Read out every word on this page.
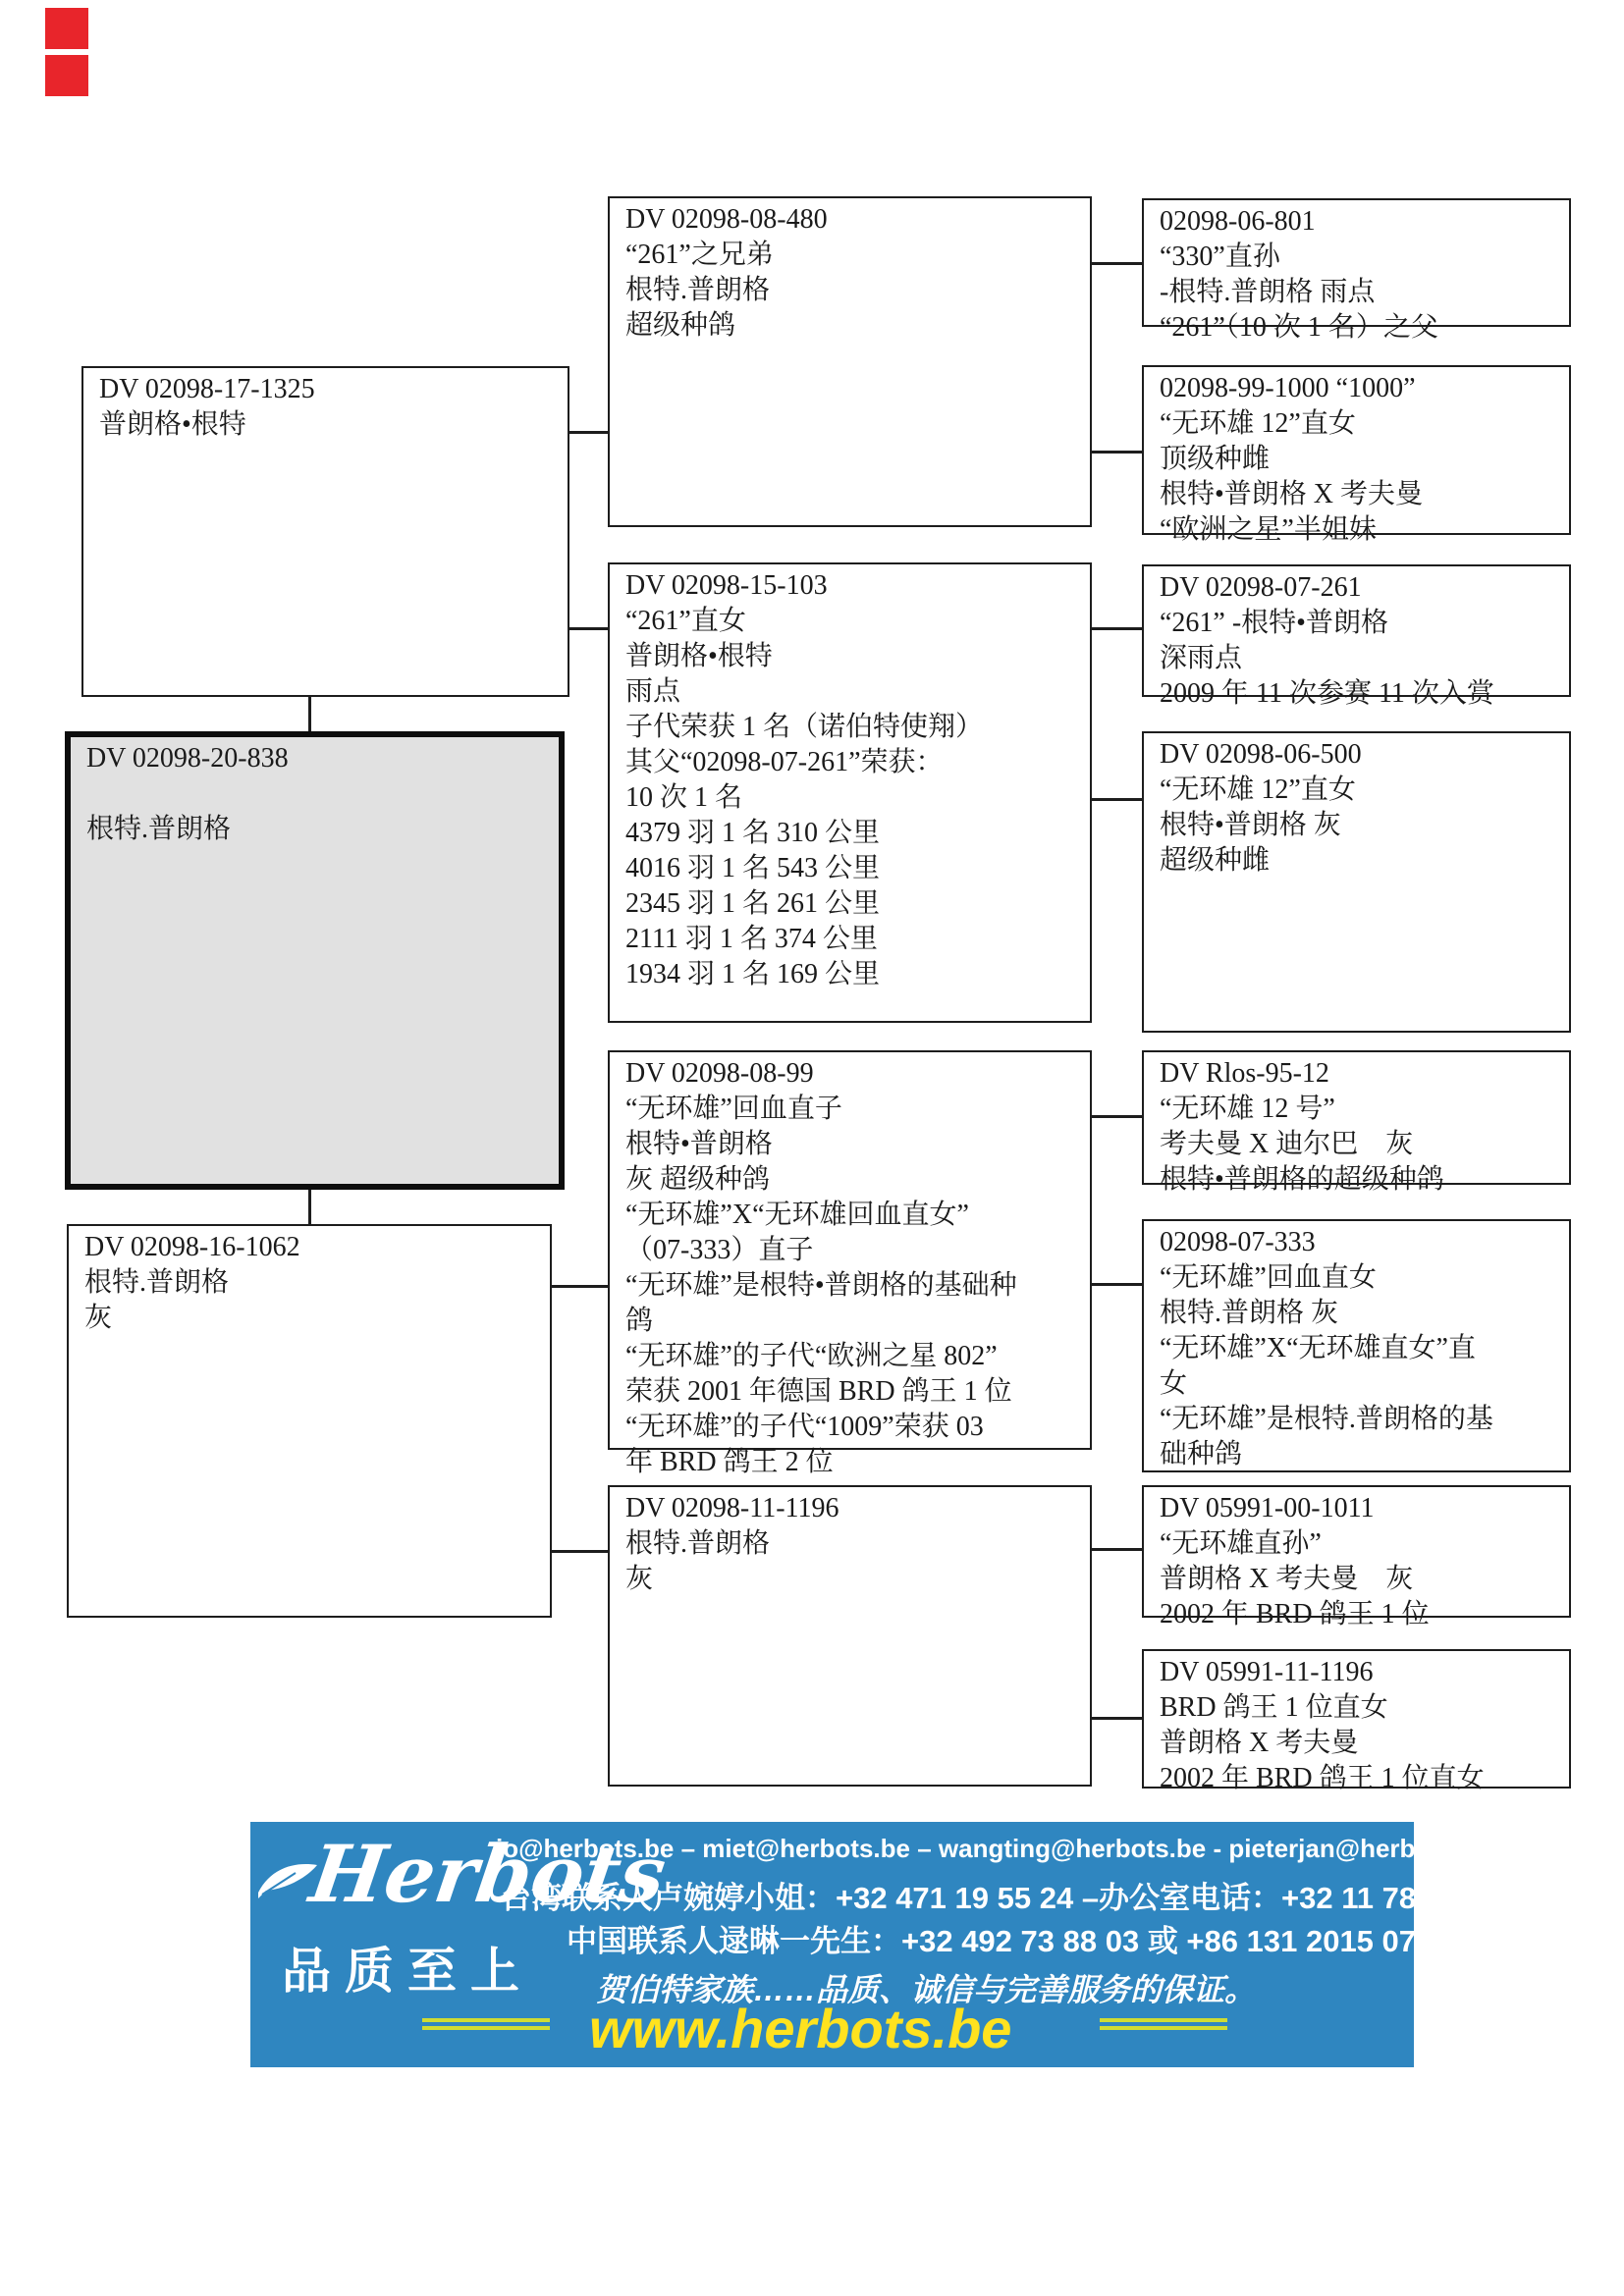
DV 02098-17-1325
普朗格•根特
DV 02098-20-838
根特.普朗格
DV 02098-16-1062
根特.普朗格
灰
DV 02098-08-480
“261”之兄弟
根特.普朗格
超级种鸽
DV 02098-15-103
“261”直女
普朗格•根特
雨点
子代荣获 1 名（诺伯特使翔）
其父“02098-07-261”荣获：
10 次 1 名
4379 羽 1 名 310 公里
4016 羽 1 名 543 公里
2345 羽 1 名 261 公里
2111 羽 1 名 374 公里
1934 羽 1 名 169 公里
DV 02098-08-99
“无环雄”回血直子
根特•普朗格
灰 超级种鸽
“无环雄”X“无环雄回血直女”
（07-333）直子
“无环雄”是根特•普朗格的基础种
鸽
“无环雄”的子代“欧洲之星 802”
荣获 2001 年德国 BRD 鸽王 1 位
“无环雄”的子代“1009”荣获 03
年 BRD 鸽王 2 位
DV 02098-11-1196
根特.普朗格
灰
02098-06-801
“330”直孙
-根特.普朗格 雨点
“261”（10 次 1 名）之父
02098-99-1000 “1000”
“无环雄 12”直女
顶级种雌
根特•普朗格 X 考夫曼
“欧洲之星”半姐妹
DV 02098-07-261
“261” -根特•普朗格
深雨点
2009 年 11 次参赛 11 次入赏
DV 02098-06-500
“无环雄 12”直女
根特•普朗格 灰
超级种雌
DV Rlos-95-12
“无环雄 12 号”
考夫曼 X 迪尔巴　灰
根特•普朗格的超级种鸽
02098-07-333
“无环雄”回血直女
根特.普朗格 灰
“无环雄”X“无环雄直女”直
女
“无环雄”是根特.普朗格的基
础种鸽
DV 05991-00-1011
“无环雄直孙”
普朗格 X 考夫曼　灰
2002 年 BRD 鸽王 1 位
DV 05991-11-1196
BRD 鸽王 1 位直女
普朗格 X 考夫曼
2002 年 BRD 鸽王 1 位直女
Herbots
品质至上
jo@herbots.be – miet@herbots.be – wangting@herbots.be - pieterjan@herbots.be
台湾联系人卢婉婷小姐：+32 471 19 55 24 –办公室电话：+32 11 78 91 90
中国联系人逯晽一先生：+32 492 73 88 03 或 +86 131 2015 0755
贺伯特家族……品质、诚信与完善服务的保证。
www.herbots.be
